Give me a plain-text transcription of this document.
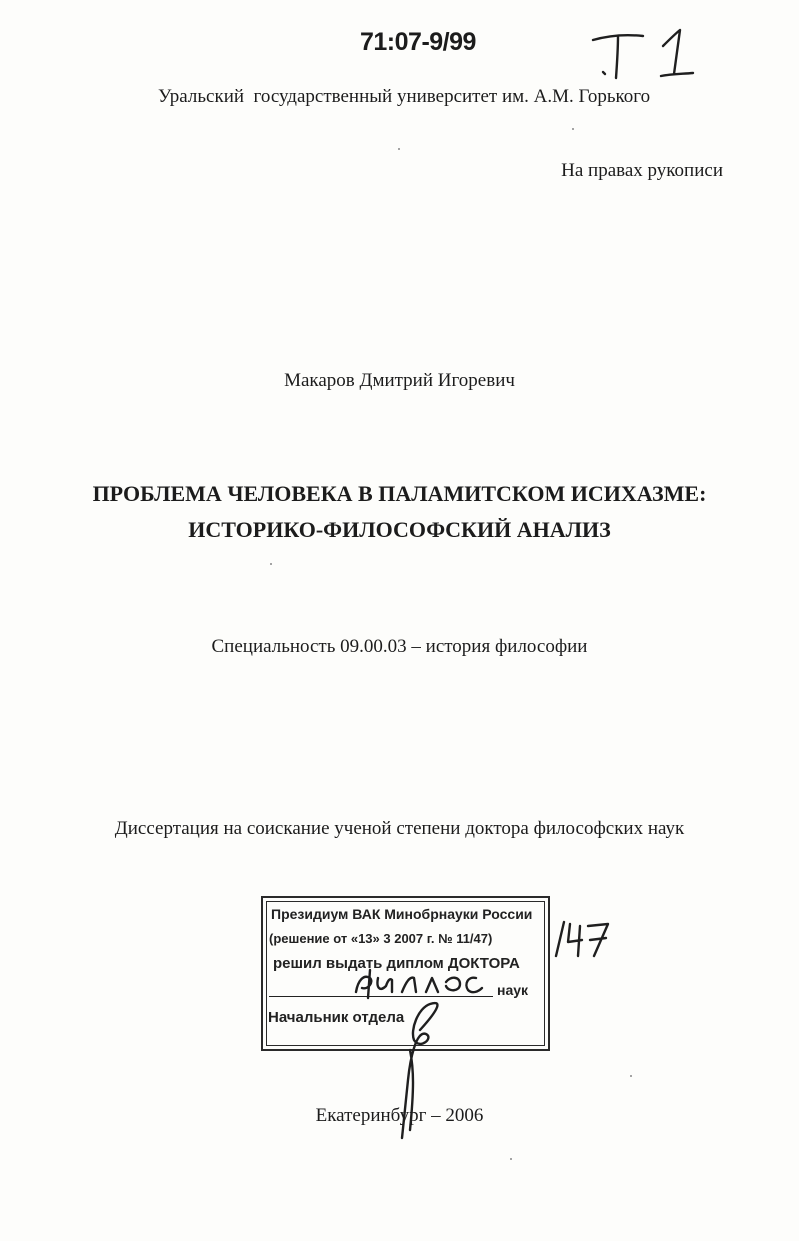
71:07-9/99
Уральский  государственный университет им. А.М. Горького
На правах рукописи
Макаров Дмитрий Игоревич
ПРОБЛЕМА ЧЕЛОВЕКА В ПАЛАМИТСКОМ ИСИХАЗМЕ:
ИСТОРИКО-ФИЛОСОФСКИЙ АНАЛИЗ
Специальность 09.00.03 – история философии
Диссертация на соискание ученой степени доктора философских наук
Президиум ВАК Минобрнауки России
(решение от «13» 3 2007 г. № 11/47)
решил выдать диплом ДОКТОРА
наук
Начальник отдела
Екатеринбург – 2006
